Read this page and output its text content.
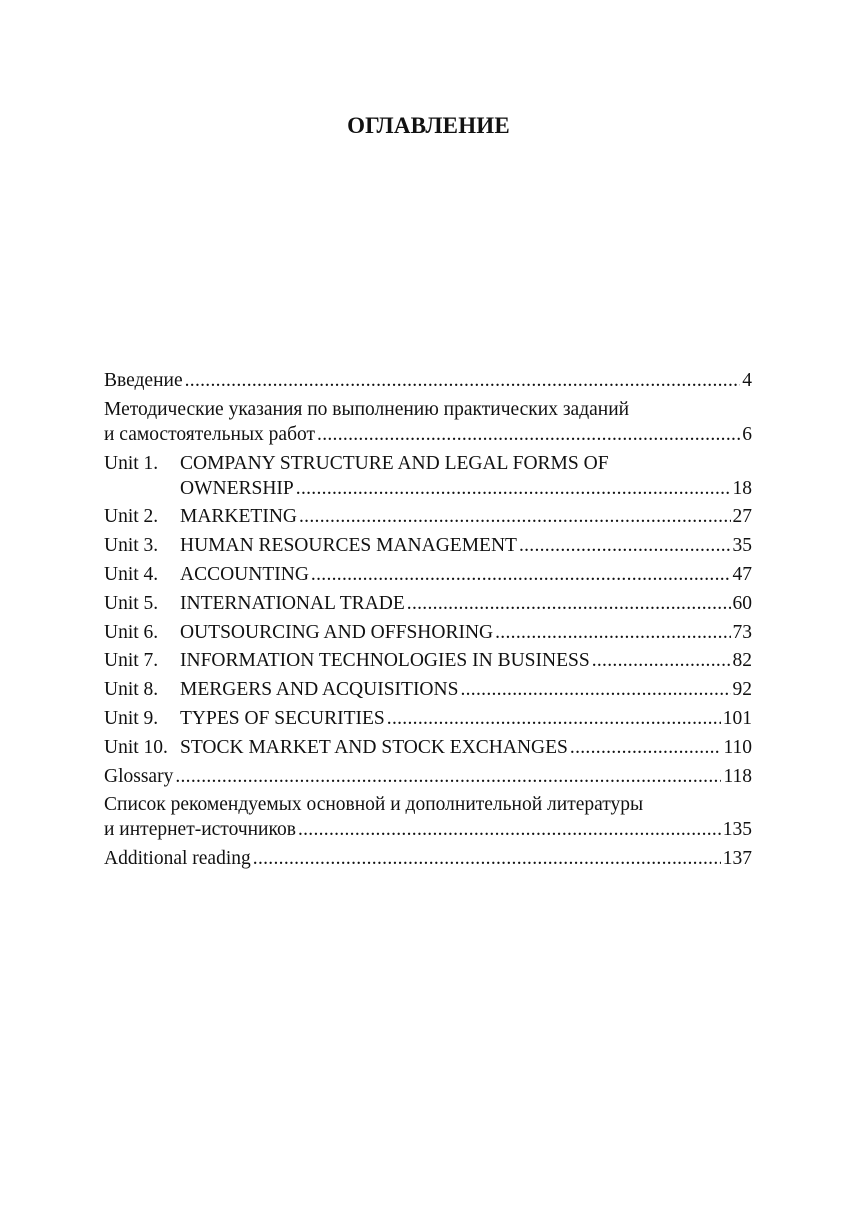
ОГЛАВЛЕНИЕ
Введение .....	4
Методические указания по выполнению практических заданий
и самостоятельных работ .....	6
Unit 1.	COMPANY STRUCTURE AND LEGAL FORMS OF
OWNERSHIP .....	18
Unit 2.	MARKETING .....	27
Unit 3.	HUMAN RESOURCES MANAGEMENT .....	35
Unit 4.	ACCOUNTING .....	47
Unit 5.	INTERNATIONAL TRADE .....	60
Unit 6.	OUTSOURCING AND OFFSHORING .....	73
Unit 7.	INFORMATION TECHNOLOGIES IN BUSINESS .....	82
Unit 8.	MERGERS AND ACQUISITIONS .....	92
Unit 9.	TYPES OF SECURITIES .....	101
Unit 10. STOCK MARKET AND STOCK EXCHANGES .....	110
Glossary .....	118
Список рекомендуемых основной и дополнительной литературы
и интернет-источников .....	135
Additional reading .....	137
